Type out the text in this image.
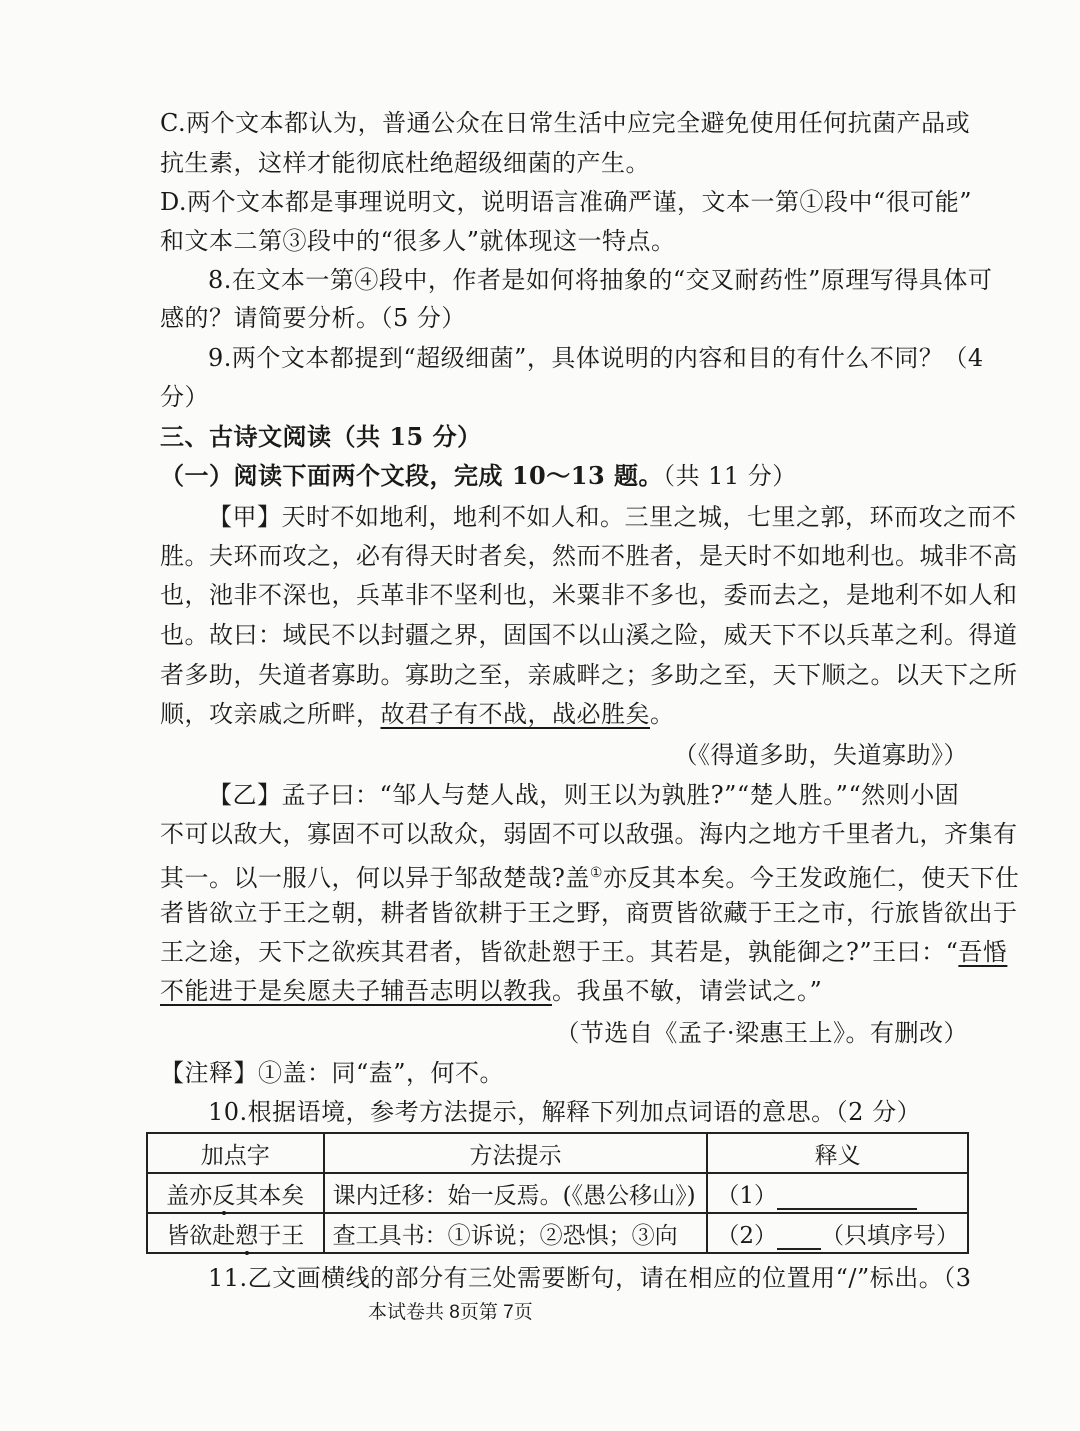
C.两个文本都认为，普通公众在日常生活中应完全避免使用任何抗菌产品或
抗生素，这样才能彻底杜绝超级细菌的产生。
D.两个文本都是事理说明文，说明语言准确严谨，文本一第①段中“很可能”
和文本二第③段中的“很多人”就体现这一特点。
8.在文本一第④段中，作者是如何将抽象的“交叉耐药性”原理写得具体可
感的？请简要分析。（5 分）
9.两个文本都提到“超级细菌”，具体说明的内容和目的有什么不同？（4
分）
三、古诗文阅读（共 15 分）
（一）阅读下面两个文段，完成 10～13 题。（共 11 分）
【甲】天时不如地利，地利不如人和。三里之城，七里之郭，环而攻之而不
胜。夫环而攻之，必有得天时者矣，然而不胜者，是天时不如地利也。城非不高
也，池非不深也，兵革非不坚利也，米粟非不多也，委而去之，是地利不如人和
也。故曰：域民不以封疆之界，固国不以山溪之险，威天下不以兵革之利。得道
者多助，失道者寡助。寡助之至，亲戚畔之；多助之至，天下顺之。以天下之所
顺，攻亲戚之所畔，故君子有不战，战必胜矣。
（《得道多助，失道寡助》）
【乙】孟子曰：“邹人与楚人战，则王以为孰胜?”“楚人胜。”“然则小固
不可以敌大，寡固不可以敌众，弱固不可以敌强。海内之地方千里者九，齐集有
其一。以一服八，何以异于邹敌楚哉?盖①亦反其本矣。今王发政施仁，使天下仕
者皆欲立于王之朝，耕者皆欲耕于王之野，商贾皆欲藏于王之市，行旅皆欲出于
王之途，天下之欲疾其君者，皆欲赴愬于王。其若是，孰能御之?”王曰：“吾惛
不能进于是矣愿夫子辅吾志明以教我。我虽不敏，请尝试之。”
（节选自《孟子·梁惠王上》。有删改）
【注释】①盖：同“盍”，何不。
10.根据语境，参考方法提示，解释下列加点词语的意思。（2 分）
加点字	方法提示	释义
盖亦反其本矣	课内迁移：始一反焉。(《愚公移山》)	（1）
皆欲赴愬于王	查工具书：①诉说；②恐惧；③向	（2） （只填序号）
11.乙文画横线的部分有三处需要断句，请在相应的位置用“/”标出。（3
本试卷共 8页第 7页
